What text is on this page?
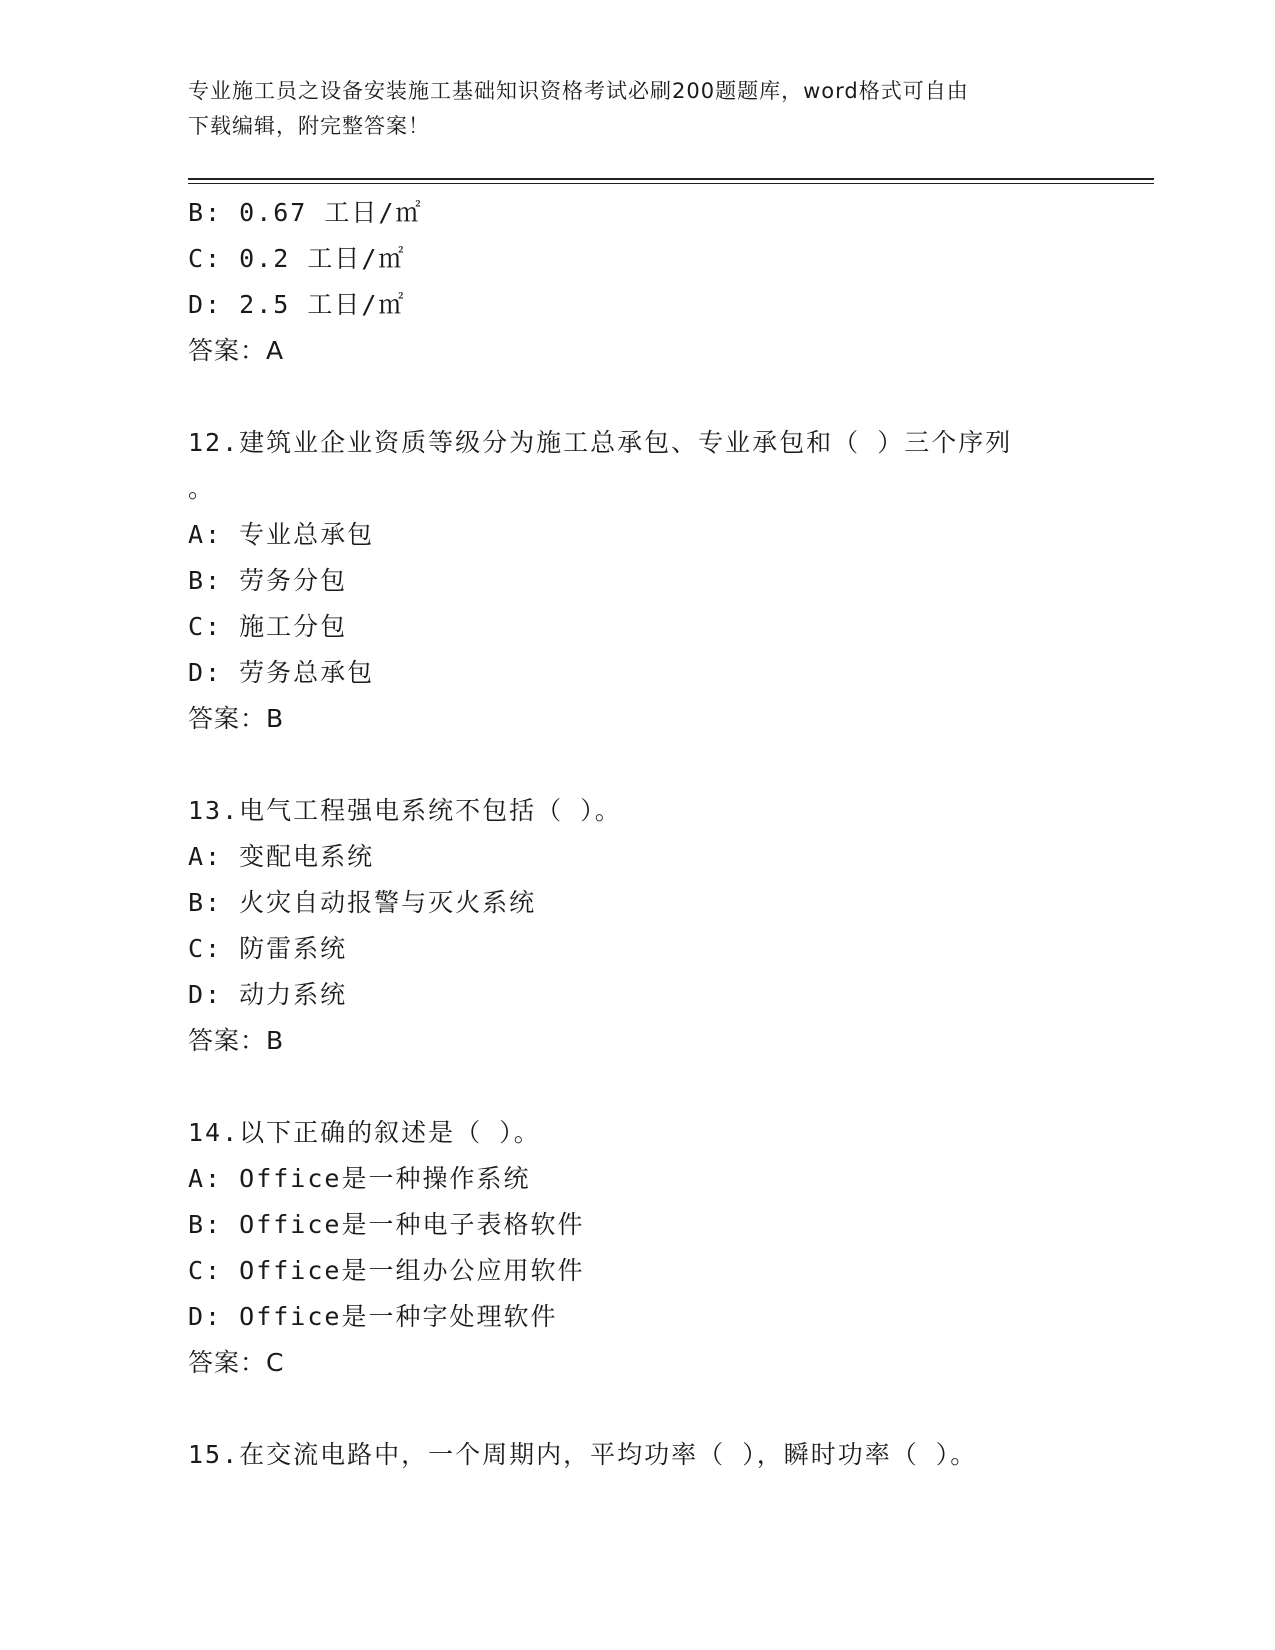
专业施工员之设备安装施工基础知识资格考试必刷200题题库，word格式可自由
下载编辑，附完整答案！
B: 0.67 工日/㎡
C: 0.2 工日/㎡
D: 2.5 工日/㎡
答案：A
12.建筑业企业资质等级分为施工总承包、专业承包和（ ）三个序列
。
A: 专业总承包
B: 劳务分包
C: 施工分包
D: 劳务总承包
答案：B
13.电气工程强电系统不包括（ ）。
A: 变配电系统
B: 火灾自动报警与灭火系统
C: 防雷系统
D: 动力系统
答案：B
14.以下正确的叙述是（ ）。
A: Office是一种操作系统
B: Office是一种电子表格软件
C: Office是一组办公应用软件
D: Office是一种字处理软件
答案：C
15.在交流电路中，一个周期内，平均功率（ ），瞬时功率（ ）。
